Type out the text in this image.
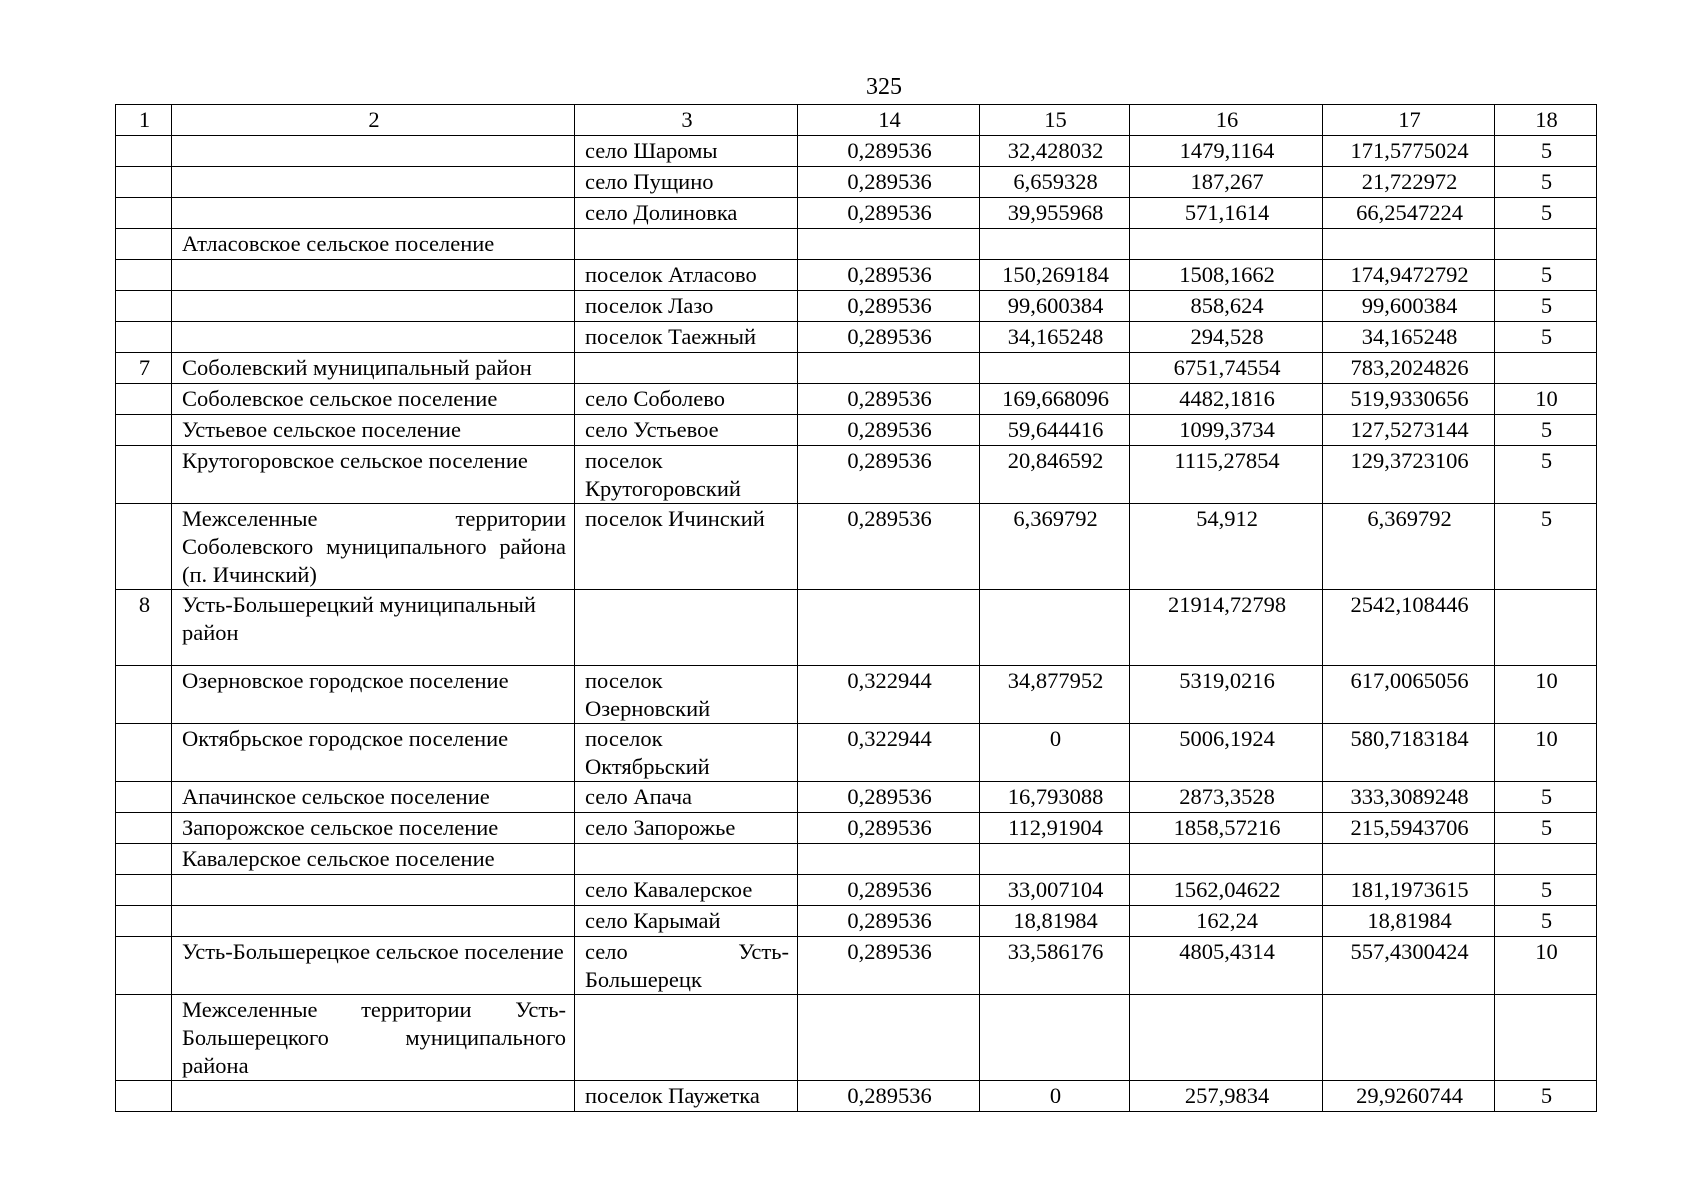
325
1	2	3	14	15	16	17	18
		село Шаромы	0,289536	32,428032	1479,1164	171,5775024	5
		село Пущино	0,289536	6,659328	187,267	21,722972	5
		село Долиновка	0,289536	39,955968	571,1614	66,2547224	5
	Атласовское сельское поселение						
		поселок Атласово	0,289536	150,269184	1508,1662	174,9472792	5
		поселок Лазо	0,289536	99,600384	858,624	99,600384	5
		поселок Таежный	0,289536	34,165248	294,528	34,165248	5
7	Соболевский муниципальный район				6751,74554	783,2024826	
	Соболевское сельское поселение	село Соболево	0,289536	169,668096	4482,1816	519,9330656	10
	Устьевое сельское поселение	село Устьевое	0,289536	59,644416	1099,3734	127,5273144	5
	Крутогоровское сельское поселение	поселок Крутогоровский	0,289536	20,846592	1115,27854	129,3723106	5
	Межселенные территории Соболевского муниципального района (п. Ичинский)	поселок Ичинский	0,289536	6,369792	54,912	6,369792	5
8	Усть-Большерецкий муниципальный район				21914,72798	2542,108446	
	Озерновское городское поселение	поселок Озерновский	0,322944	34,877952	5319,0216	617,0065056	10
	Октябрьское городское поселение	поселок Октябрьский	0,322944	0	5006,1924	580,7183184	10
	Апачинское сельское поселение	село Апача	0,289536	16,793088	2873,3528	333,3089248	5
	Запорожское сельское поселение	село Запорожье	0,289536	112,91904	1858,57216	215,5943706	5
	Кавалерское сельское поселение						
		село Кавалерское	0,289536	33,007104	1562,04622	181,1973615	5
		село Карымай	0,289536	18,81984	162,24	18,81984	5
	Усть-Большерецкое сельское поселение	село Усть-Большерецк	0,289536	33,586176	4805,4314	557,4300424	10
	Межселенные территории Усть-Большерецкого муниципального района						
		поселок Паужетка	0,289536	0	257,9834	29,9260744	5
